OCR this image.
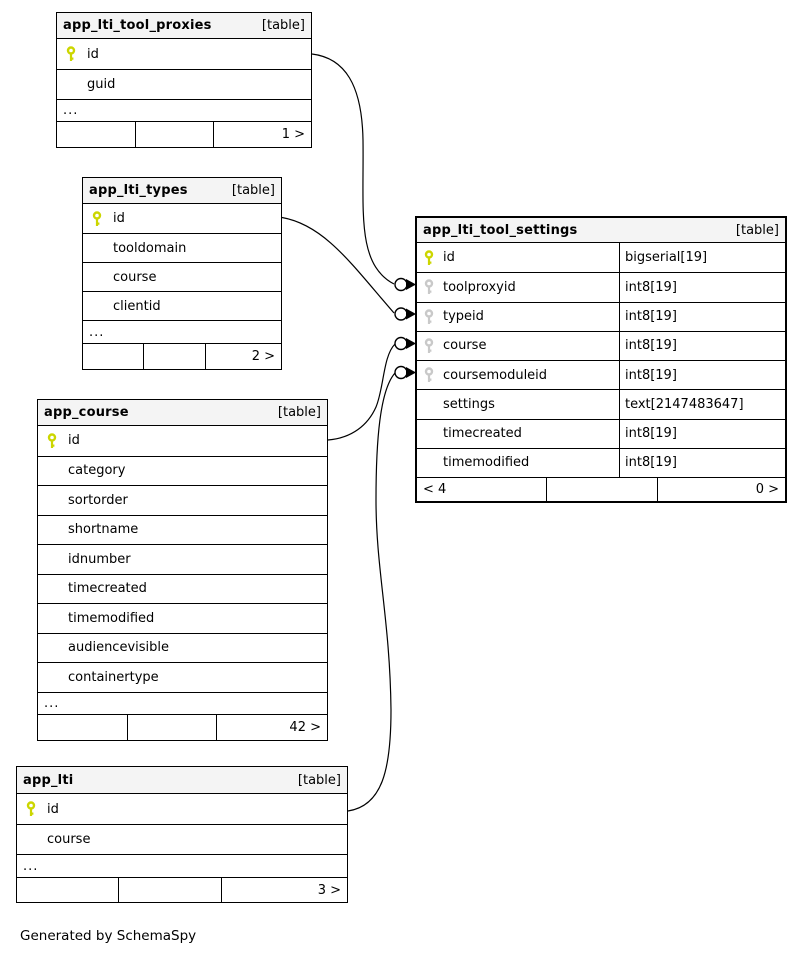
app_lti_tool_proxies	[table]
id
guid
...
1 >
app_lti_types	[table]
id
tooldomain
course
clientid
...
2 >
app_course	[table]
id
category
sortorder
shortname
idnumber
timecreated
timemodified
audiencevisible
containertype
...
42 >
app_lti	[table]
id
course
...
3 >
app_lti_tool_settings	[table]
id	bigserial[19]
toolproxyid	int8[19]
typeid	int8[19]
course	int8[19]
coursemoduleid	int8[19]
settings	text[2147483647]
timecreated	int8[19]
timemodified	int8[19]
< 4	0 >
Generated by SchemaSpy
